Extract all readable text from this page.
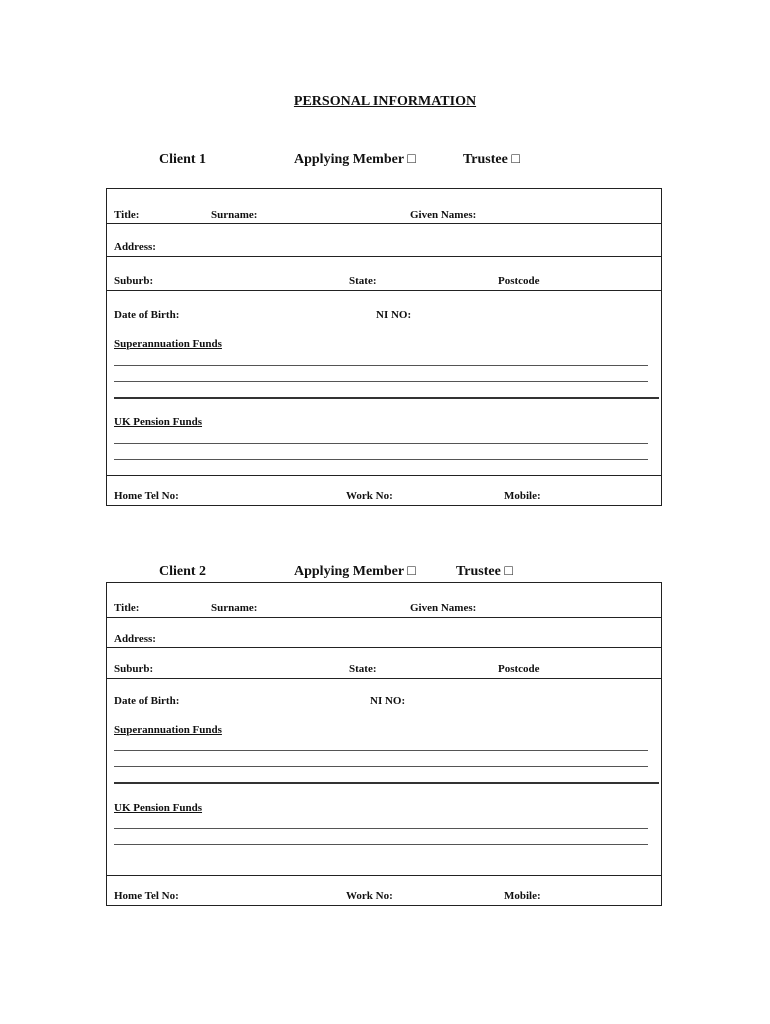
PERSONAL INFORMATION
Client 1	Applying Member □	Trustee □
Title:	Surname:	Given Names:
Address:
Suburb:	State:	Postcode
Date of Birth:	NI NO:
Superannuation Funds
UK Pension Funds
Home Tel No:	Work No:	Mobile:
Client 2	Applying Member □	Trustee □
Title:	Surname:	Given Names:
Address:
Suburb:	State:	Postcode
Date of Birth:	NI NO:
Superannuation Funds
UK Pension Funds
Home Tel No:	Work No:	Mobile:
